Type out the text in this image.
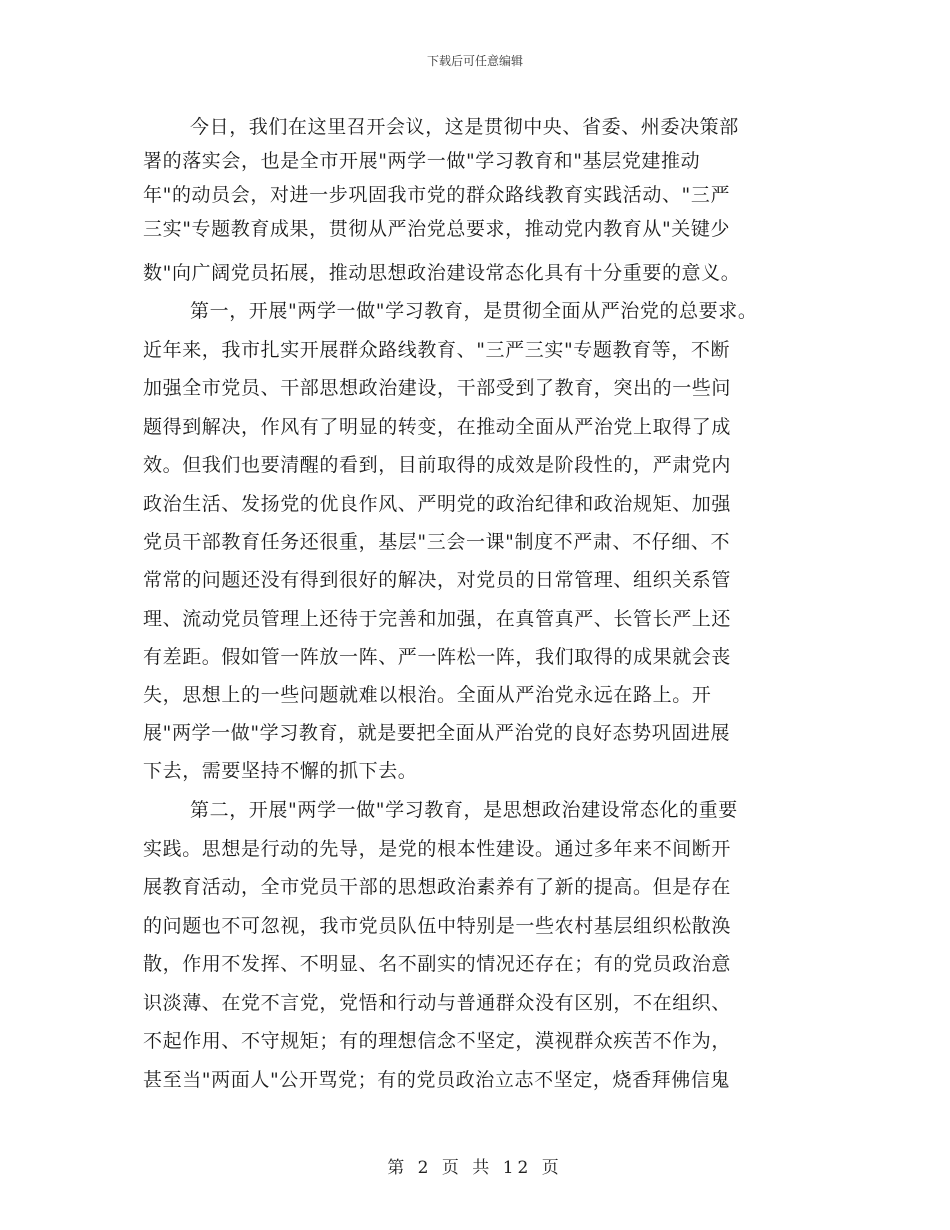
下载后可任意编辑
今日，我们在这里召开会议，这是贯彻中央、省委、州委决策部
署的落实会，也是全市开展"两学一做"学习教育和"基层党建推动
年"的动员会，对进一步巩固我市党的群众路线教育实践活动、"三严
三实"专题教育成果，贯彻从严治党总要求，推动党内教育从"关键少
数"向广阔党员拓展，推动思想政治建设常态化具有十分重要的意义。
第一，开展"两学一做"学习教育，是贯彻全面从严治党的总要求。
近年来，我市扎实开展群众路线教育、"三严三实"专题教育等，不断
加强全市党员、干部思想政治建设，干部受到了教育，突出的一些问
题得到解决，作风有了明显的转变，在推动全面从严治党上取得了成
效。但我们也要清醒的看到，目前取得的成效是阶段性的，严肃党内
政治生活、发扬党的优良作风、严明党的政治纪律和政治规矩、加强
党员干部教育任务还很重，基层"三会一课"制度不严肃、不仔细、不
常常的问题还没有得到很好的解决，对党员的日常管理、组织关系管
理、流动党员管理上还待于完善和加强，在真管真严、长管长严上还
有差距。假如管一阵放一阵、严一阵松一阵，我们取得的成果就会丧
失，思想上的一些问题就难以根治。全面从严治党永远在路上。开
展"两学一做"学习教育，就是要把全面从严治党的良好态势巩固进展
下去，需要坚持不懈的抓下去。
第二，开展"两学一做"学习教育，是思想政治建设常态化的重要
实践。思想是行动的先导，是党的根本性建设。通过多年来不间断开
展教育活动，全市党员干部的思想政治素养有了新的提高。但是存在
的问题也不可忽视，我市党员队伍中特别是一些农村基层组织松散涣
散，作用不发挥、不明显、名不副实的情况还存在；有的党员政治意
识淡薄、在党不言党，党悟和行动与普通群众没有区别，不在组织、
不起作用、不守规矩；有的理想信念不坚定，漠视群众疾苦不作为，
甚至当"两面人"公开骂党；有的党员政治立志不坚定，烧香拜佛信鬼
第 2 页 共 12 页
